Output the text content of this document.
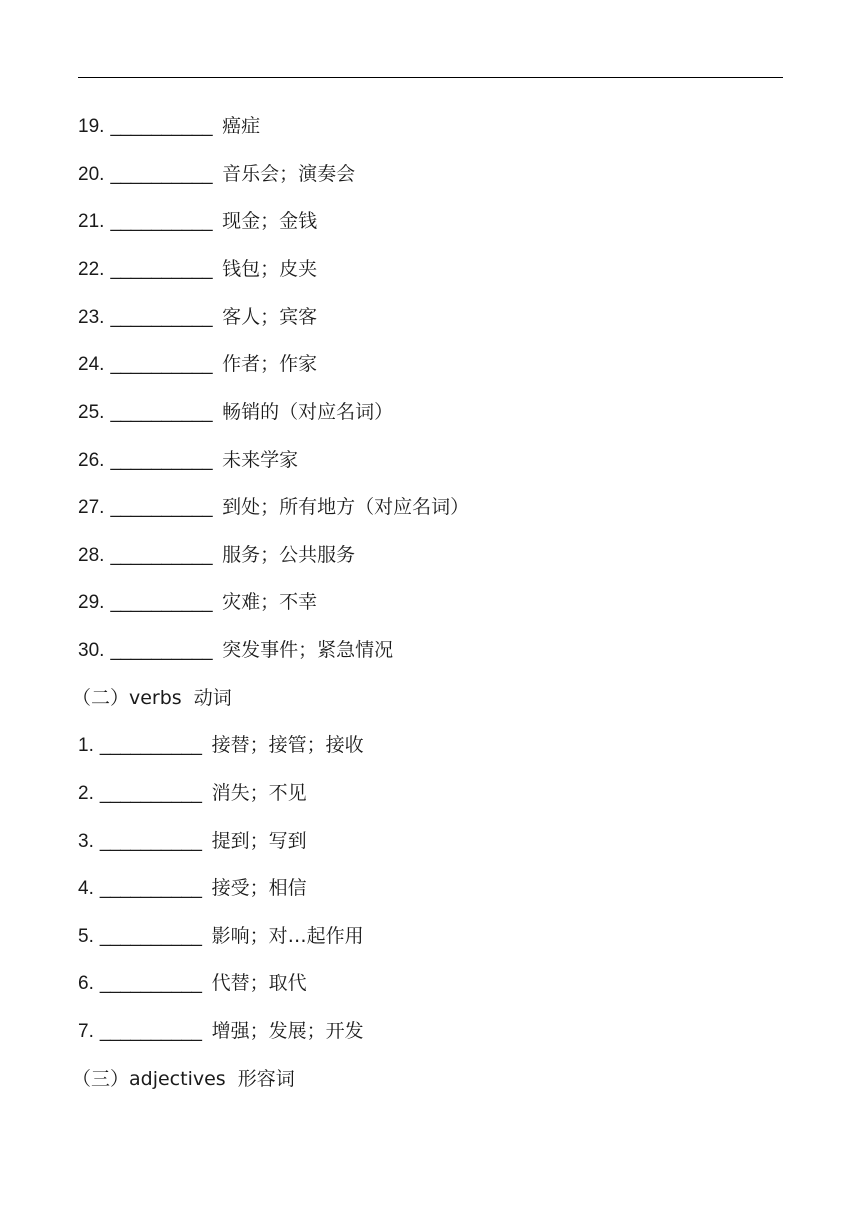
19. __________ 癌症
20. __________ 音乐会；演奏会
21. __________ 现金；金钱
22. __________ 钱包；皮夹
23. __________ 客人；宾客
24. __________ 作者；作家
25. __________ 畅销的（对应名词）
26. __________ 未来学家
27. __________ 到处；所有地方（对应名词）
28. __________ 服务；公共服务
29. __________ 灾难；不幸
30. __________ 突发事件；紧急情况
（二）verbs  动词
1. __________ 接替；接管；接收
2. __________ 消失；不见
3. __________ 提到；写到
4. __________ 接受；相信
5. __________ 影响；对…起作用
6. __________ 代替；取代
7. __________ 增强；发展；开发
（三）adjectives  形容词
